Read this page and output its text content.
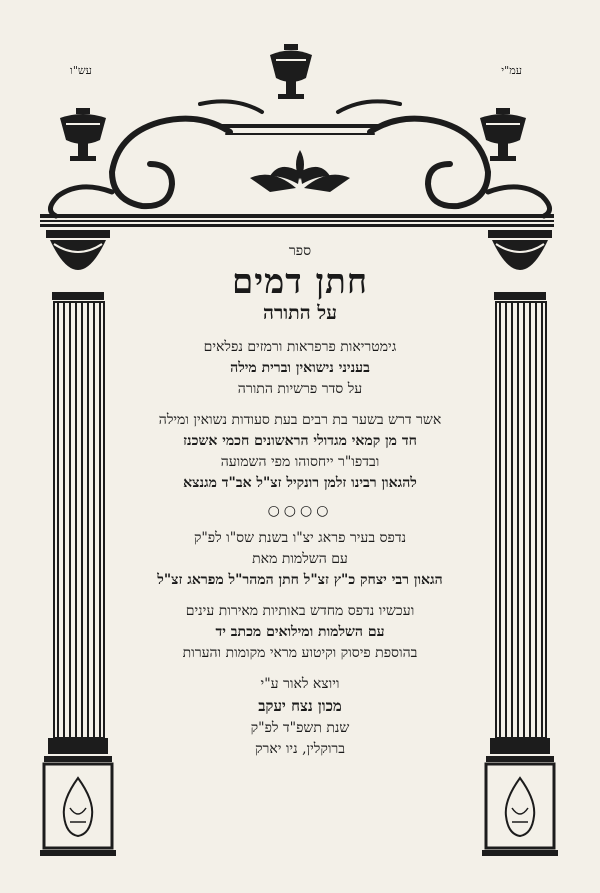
עש"ו	עמ"י
ספר
חתן דמים
על התורה
גימטריאות פרפראות ורמזים נפלאים
בעניני נישואין וברית מילה
על סדר פרשיות התורה
אשר דרש בשער בת רבים בעת סעודות נשואין ומילה
חד מן קמאי מגדולי הראשונים חכמי אשכנז
ובדפו"ר ייחסוהו מפי השמועה
להגאון רבינו זלמן רונקיל זצ"ל אב"ד מגנצא
○○○○
נדפס בעיר פראג יצ"ו בשנת שס"ו לפ"ק
עם השלמות מאת
הגאון רבי יצחק כ"ץ זצ"ל חתן המהר"ל מפראג זצ"ל
ועכשיו נדפס מחדש באותיות מאירות עינים
עם השלמות ומילואים מכתב יד
בהוספת פיסוק וקיטוע מראי מקומות והערות
ויוצא לאור ע"י
מכון נצח יעקב
שנת תשפ"ד לפ"ק
ברוקלין, ניו יארק
